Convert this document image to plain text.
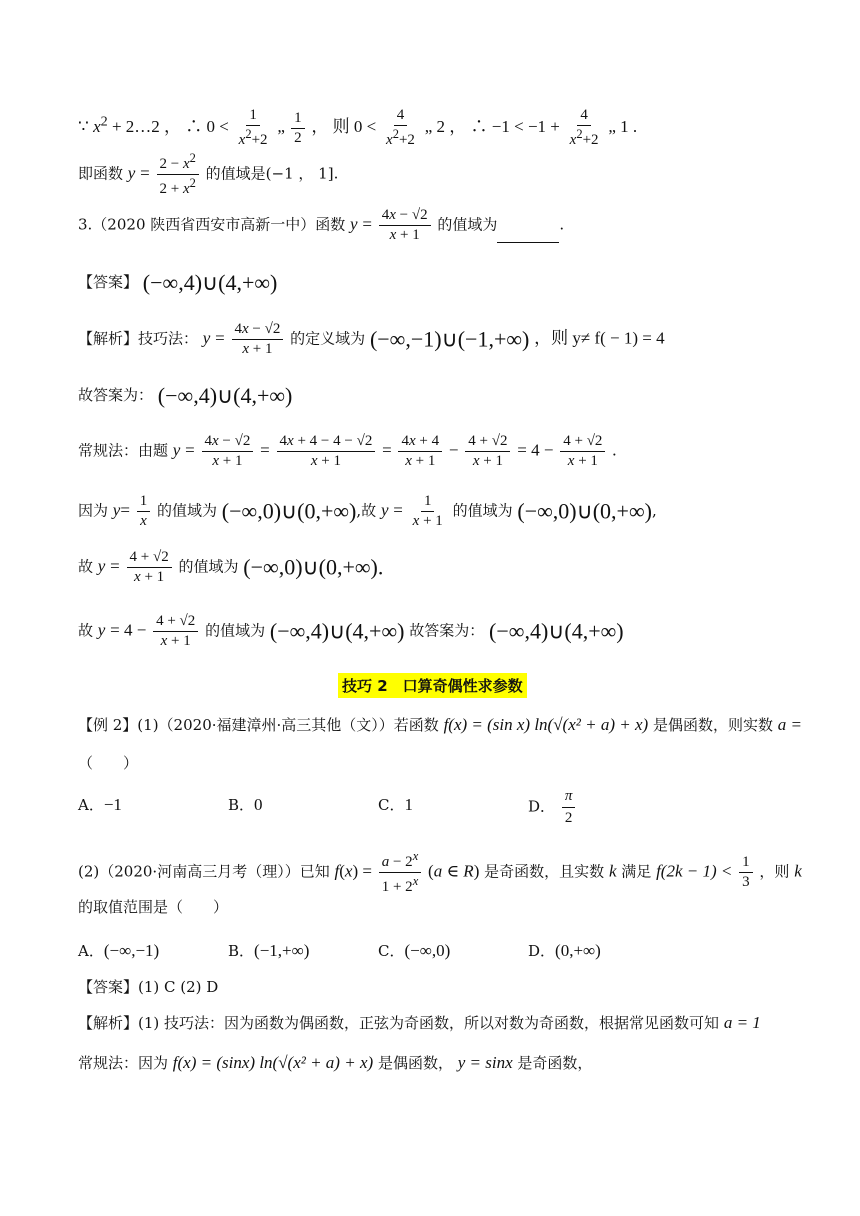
∵ $x^2$ + 2…2 ， ∴ $0 < \frac{1}{x^2+2}$ „ $\frac{1}{2}$ ， 则 $0 < \frac{4}{x^2+2}$ „ 2 ， ∴ $-1 < -1 + \frac{4}{x^2+2}$ „ 1 .
即函数 $y = \frac{2 - x^2}{2 + x^2}$ 的值域是(−1 ， 1].
3.（2020 陕西省西安市高新一中）函数 $y = \frac{4x - √2}{x + 1}$ 的值域为	.
【答案】 (−∞,4)∪(4,+∞)
【解析】技巧法： $y = \frac{4x - √2}{x + 1}$ 的定义域为 (−∞,−1)∪(−1,+∞) ，则 y≠ f( − 1) = 4
故答案为： (−∞,4)∪(4,+∞)
常规法：由题 $y = \frac{4x - √2}{x + 1} = \frac{4x + 4 - 4 - √2}{x + 1} = \frac{4x + 4}{x + 1} - \frac{4 + √2}{x + 1} = 4 - \frac{4 + √2}{x + 1}$ .
因为 $y= \frac{1}{x}$ 的值域为 (−∞,0)∪(0,+∞),故 $y = \frac{1}{x + 1}$ 的值域为 (−∞,0)∪(0,+∞),
故 $y = \frac{4 + √2}{x + 1}$ 的值域为 (−∞,0)∪(0,+∞).
故 $y = 4 - \frac{4 + √2}{x + 1}$ 的值域为 (−∞,4)∪(4,+∞) 故答案为： (−∞,4)∪(4,+∞)
技巧 2　口算奇偶性求参数
【例 2】(1)（2020·福建漳州·高三其他（文））若函数 f(x) = (sin x) ln(√(x² + a) + x) 是偶函数，则实数 a =
（　　）
A．−1	B．0	C．1	D． $\frac{\pi}{2}$
(2)（2020·河南高三月考（理））已知 $f(x) = \frac{a - 2^x}{1 + 2^x} (a$ ∈ R) 是奇函数，且实数 k 满足 $f(2k - 1) < \frac{1}{3}$ ，则 k
的取值范围是（　　）
A．(−∞,−1)	B．(−1,+∞)	C．(−∞,0)	D．(0,+∞)
【答案】(1) C (2) D
【解析】(1) 技巧法：因为函数为偶函数，正弦为奇函数，所以对数为奇函数，根据常见函数可知 a = 1
常规法：因为 f(x) = (sinx) ln(√(x² + a) + x) 是偶函数， y = sinx 是奇函数，
